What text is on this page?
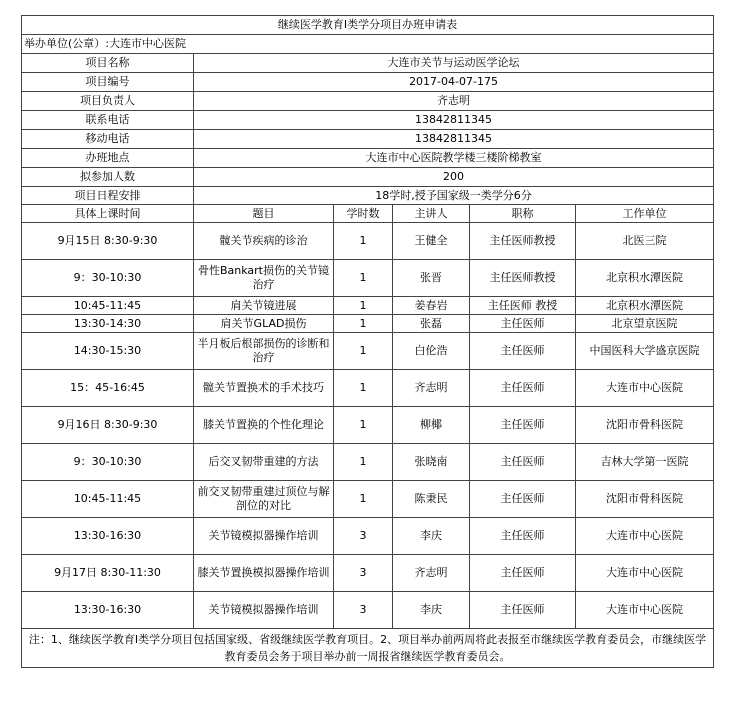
继续医学教育I类学分项目办班申请表					
举办单位(公章）:大连市中心医院					
项目名称	大连市关节与运动医学论坛				
项目编号	2017-04-07-175				
项目负责人	齐志明				
联系电话	13842811345				
移动电话	13842811345				
办班地点	大连市中心医院教学楼三楼阶梯教室				
拟参加人数	200				
项目日程安排	18学时,授予国家级一类学分6分				
具体上课时间	题目	学时数	主讲人	职称	工作单位
9月15日 8:30-9:30	髋关节疾病的诊治	1	王健全	主任医师教授	北医三院
9：30-10:30	骨性Bankart损伤的关节镜治疗	1	张晋	主任医师教授	北京积水潭医院
10:45-11:45	肩关节镜进展	1	姜春岩	主任医师 教授	北京积水潭医院
13:30-14:30	肩关节GLAD损伤	1	张磊	主任医师	北京望京医院
14:30-15:30	半月板后根部损伤的诊断和治疗	1	白伦浩	主任医师	中国医科大学盛京医院
15：45-16:45	髋关节置换术的手术技巧	1	齐志明	主任医师	大连市中心医院
9月16日 8:30-9:30	膝关节置换的个性化理论	1	柳椰	主任医师	沈阳市骨科医院
9：30-10:30	后交叉韧带重建的方法	1	张晓南	主任医师	吉林大学第一医院
10:45-11:45	前交叉韧带重建过顶位与解剖位的对比	1	陈秉民	主任医师	沈阳市骨科医院
13:30-16:30	关节镜模拟器操作培训	3	李庆	主任医师	大连市中心医院
9月17日 8:30-11:30	膝关节置换模拟器操作培训	3	齐志明	主任医师	大连市中心医院
13:30-16:30	关节镜模拟器操作培训	3	李庆	主任医师	大连市中心医院
注：1、继续医学教育Ⅰ类学分项目包括国家级、省级继续医学教育项目。2、项目举办前两周将此表报至市继续医学教育委员会，市继续医学教育委员会务于项目举办前一周报省继续医学教育委员会。					
